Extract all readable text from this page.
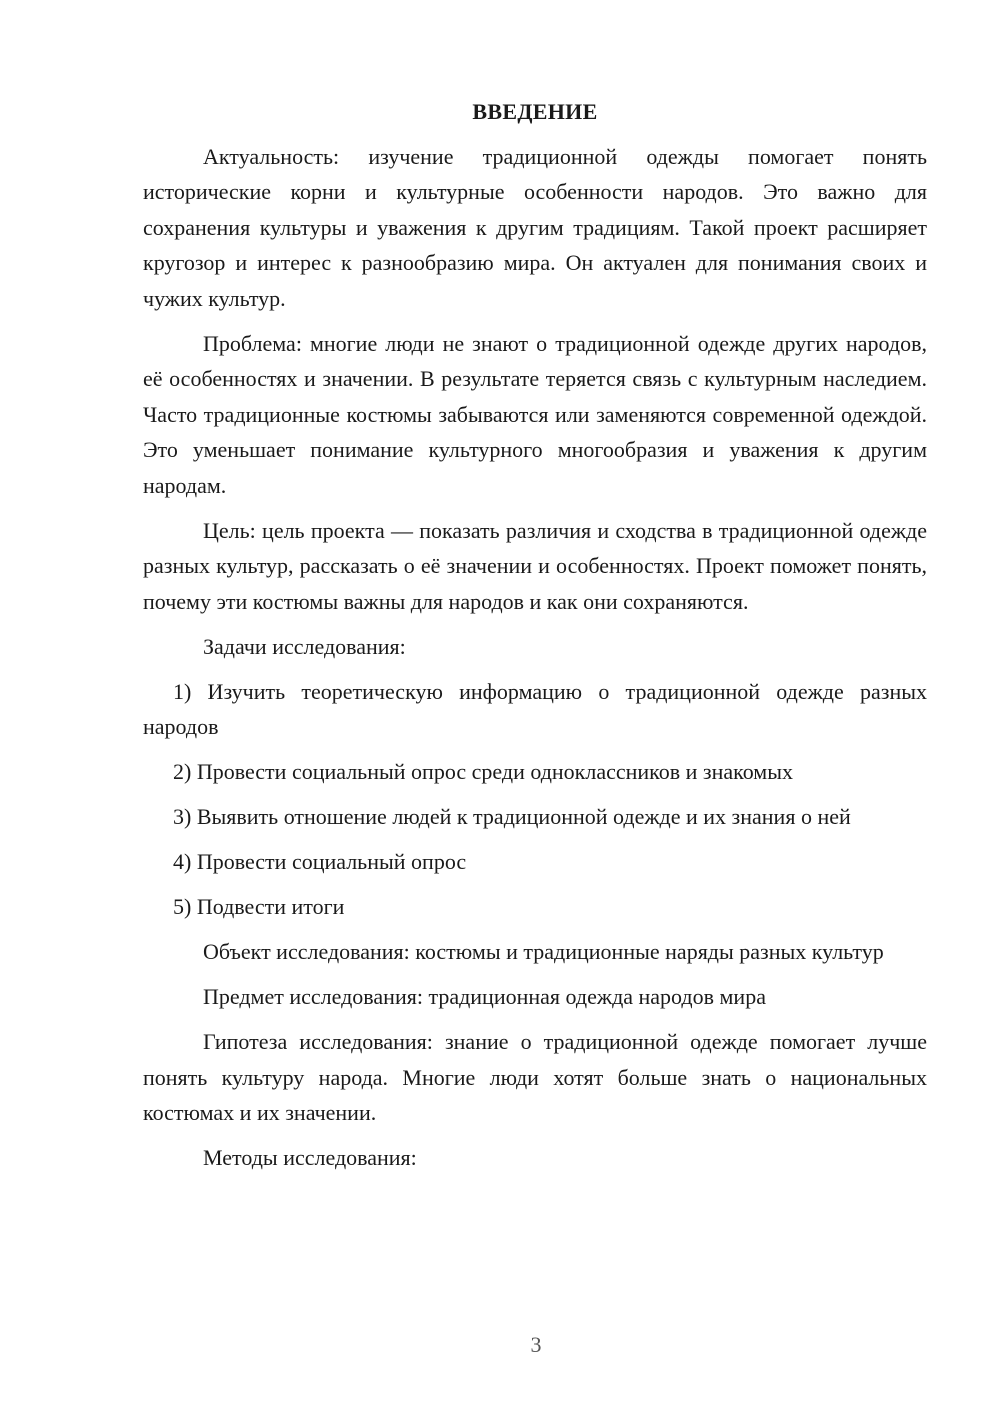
ВВЕДЕНИЕ
Актуальность: изучение традиционной одежды помогает понять исторические корни и культурные особенности народов. Это важно для сохранения культуры и уважения к другим традициям. Такой проект расширяет кругозор и интерес к разнообразию мира. Он актуален для понимания своих и чужих культур.
Проблема: многие люди не знают о традиционной одежде других народов, её особенностях и значении. В результате теряется связь с культурным наследием. Часто традиционные костюмы забываются или заменяются современной одеждой. Это уменьшает понимание культурного многообразия и уважения к другим народам.
Цель: цель проекта — показать различия и сходства в традиционной одежде разных культур, рассказать о её значении и особенностях. Проект поможет понять, почему эти костюмы важны для народов и как они сохраняются.
Задачи исследования:
1) Изучить теоретическую информацию о традиционной одежде разных народов
2) Провести социальный опрос среди одноклассников и знакомых
3) Выявить отношение людей к традиционной одежде и их знания о ней
4) Провести социальный опрос
5) Подвести итоги
Объект исследования: костюмы и традиционные наряды разных культур
Предмет исследования: традиционная одежда народов мира
Гипотеза исследования: знание о традиционной одежде помогает лучше понять культуру народа. Многие люди хотят больше знать о национальных костюмах и их значении.
Методы исследования:
3
